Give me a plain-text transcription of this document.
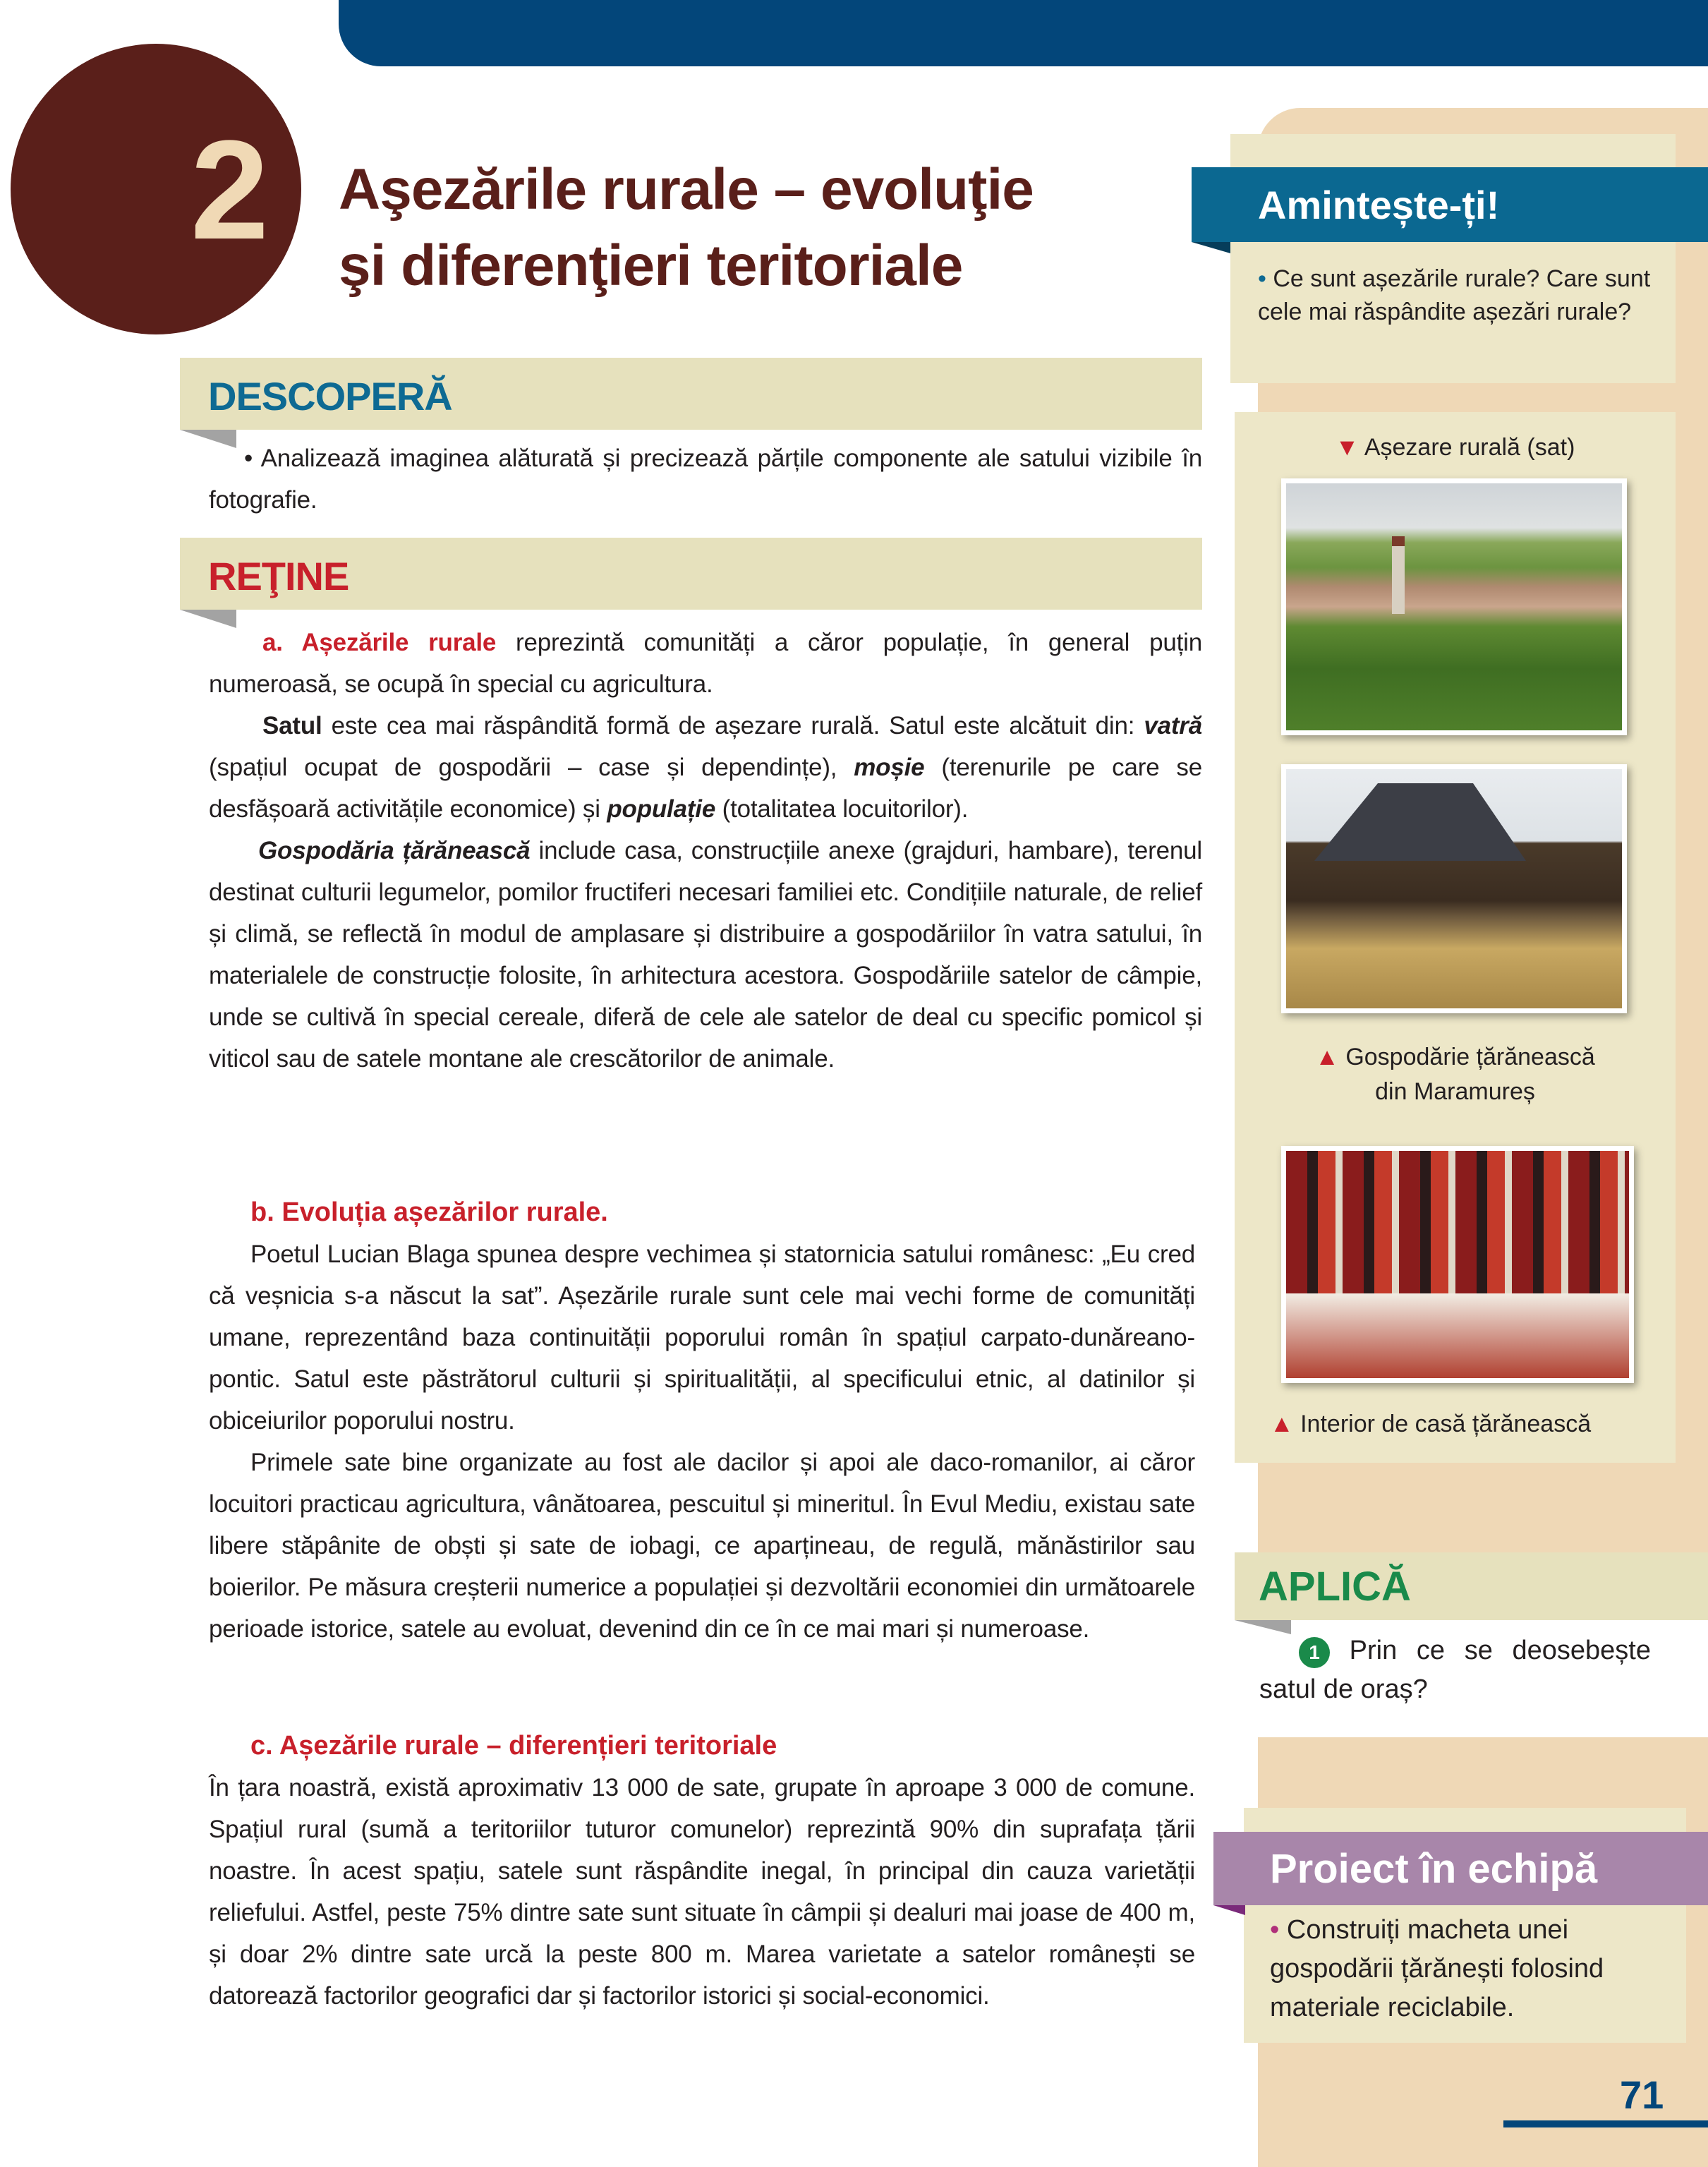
2 Aşezările rurale – evoluţie
şi diferenţieri teritoriale
DESCOPERĂ
• Analizează imaginea alăturată și precizează părțile componente ale satului vizibile în fotografie.
REŢINE
a. Așezările rurale reprezintă comunități a căror populație, în general puțin numeroasă, se ocupă în special cu agricultura.
Satul este cea mai răspândită formă de așezare rurală. Satul este alcătuit din: vatră (spațiul ocupat de gospodării – case și dependințe), moșie (terenurile pe care se desfășoară activitățile economice) și populație (totalitatea locuitorilor).
Gospodăria țărănească include casa, construcțiile anexe (grajduri, hambare), terenul destinat culturii legumelor, pomilor fructiferi necesari familiei etc. Condițiile naturale, de relief și climă, se reflectă în modul de amplasare și distribuire a gospodăriilor în vatra satului, în materialele de construcție folosite, în arhitectura acestora. Gospodăriile satelor de câmpie, unde se cultivă în special cereale, diferă de cele ale satelor de deal cu specific pomicol și viticol sau de satele montane ale crescătorilor de animale.
b. Evoluția așezărilor rurale.
Poetul Lucian Blaga spunea despre vechimea și statornicia satului românesc: „Eu cred că veșnicia s-a născut la sat”. Așezările rurale sunt cele mai vechi forme de comunități umane, reprezentând baza continuității poporului român în spațiul carpato-dunăreano-pontic. Satul este păstrătorul culturii și spiritualității, al specificului etnic, al datinilor și obiceiurilor poporului nostru.
Primele sate bine organizate au fost ale dacilor și apoi ale daco-romanilor, ai căror locuitori practicau agricultura, vânătoarea, pescuitul și mineritul. În Evul Mediu, existau sate libere stăpânite de obști și sate de iobagi, ce aparțineau, de regulă, mănăstirilor sau boierilor. Pe măsura creșterii numerice a populației și dezvoltării economiei din următoarele perioade istorice, satele au evoluat, devenind din ce în ce mai mari și numeroase.
c. Așezările rurale – diferențieri teritoriale
În țara noastră, există aproximativ 13 000 de sate, grupate în aproape 3 000 de comune. Spațiul rural (sumă a teritoriilor tuturor comunelor) reprezintă 90% din suprafața țării noastre. În acest spațiu, satele sunt răspândite inegal, în principal din cauza varietății reliefului. Astfel, peste 75% dintre sate sunt situate în câmpii și dealuri mai joase de 400 m, și doar 2% dintre sate urcă la peste 800 m. Marea varietate a satelor românești se datorează factorilor geografici dar și factorilor istorici și social-economici.
Amintește-ți!
• Ce sunt așezările rurale? Care sunt cele mai răspândite așezări rurale?
▼ Așezare rurală (sat)
▲ Gospodărie țărănească
din Maramureș
▲ Interior de casă țărănească
APLICĂ
1 Prin ce se deosebește satul de oraș?
Proiect în echipă
• Construiți macheta unei gospodării țărănești folosind materiale reciclabile.
71
